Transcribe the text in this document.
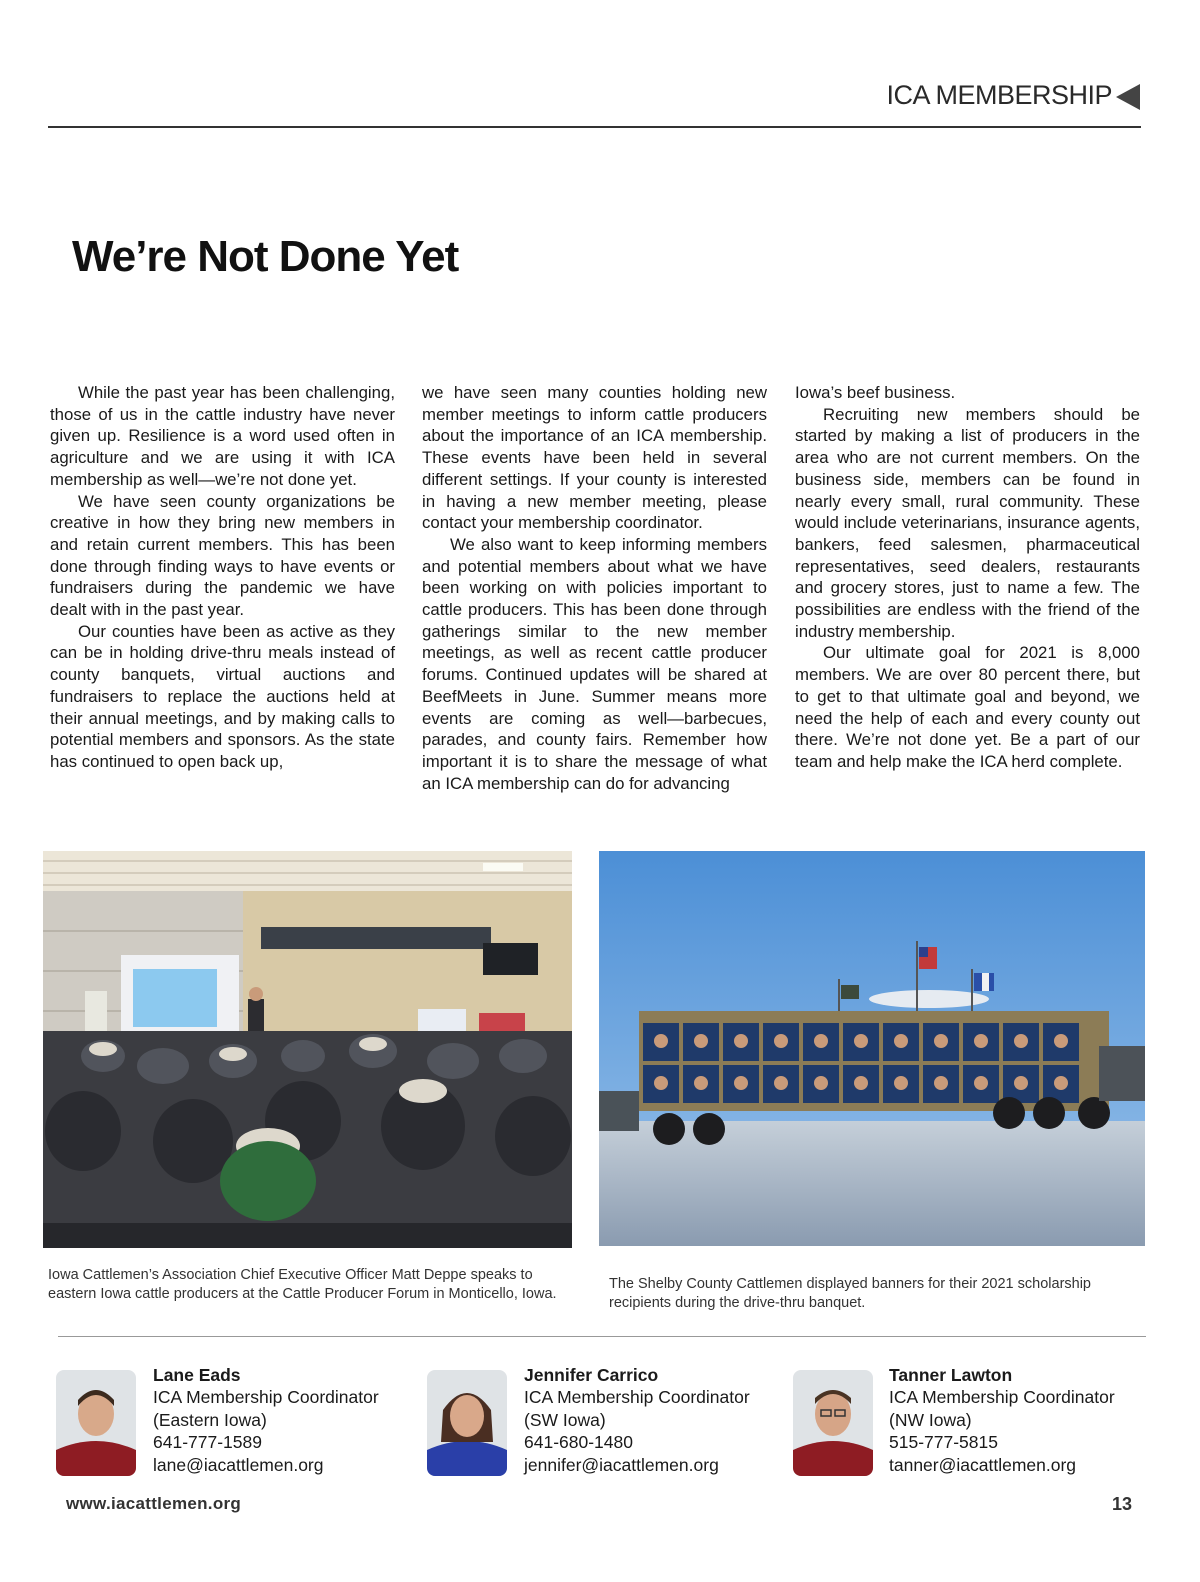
ICA MEMBERSHIP
We’re Not Done Yet

While the past year has been challenging, those of us in the cattle industry have never given up. Resilience is a word used often in agriculture and we are using it with ICA membership as well—we’re not done yet.

We have seen county organizations be creative in how they bring new members in and retain current members. This has been done through finding ways to have events or fundraisers during the pandemic we have dealt with in the past year.

Our counties have been as active as they can be in holding drive-thru meals instead of county banquets, virtual auctions and fundraisers to replace the auctions held at their annual meetings, and by making calls to potential members and sponsors. As the state has continued to open back up,

we have seen many counties holding new member meetings to inform cattle producers about the importance of an ICA membership. These events have been held in several different settings. If your county is interested in having a new member meeting, please contact your membership coordinator.

We also want to keep informing members and potential members about what we have been working on with policies important to cattle producers. This has been done through gatherings similar to the new member meetings, as well as recent cattle producer forums. Continued updates will be shared at BeefMeets in June. Summer means more events are coming as well—barbecues, parades, and county fairs. Remember how important it is to share the message of what an ICA membership can do for advancing

Iowa’s beef business.

Recruiting new members should be started by making a list of producers in the area who are not current members. On the business side, members can be found in nearly every small, rural community. These would include veterinarians, insurance agents, bankers, feed salesmen, pharmaceutical representatives, seed dealers, restaurants and grocery stores, just to name a few. The possibilities are endless with the friend of the industry membership.

Our ultimate goal for 2021 is 8,000 members. We are over 80 percent there, but to get to that ultimate goal and beyond, we need the help of each and every county out there. We’re not done yet. Be a part of our team and help make the ICA herd complete.

Iowa Cattlemen’s Association Chief Executive Officer Matt Deppe speaks to eastern Iowa cattle producers at the Cattle Producer Forum in Monticello, Iowa.
The Shelby County Cattlemen displayed banners for their 2021 scholarship recipients during the drive-thru banquet.
Lane Eads
ICA Membership Coordinator
(Eastern Iowa)
641-777-1589
lane@iacattlemen.org
Jennifer Carrico
ICA Membership Coordinator
(SW Iowa)
641-680-1480
jennifer@iacattlemen.org
Tanner Lawton
ICA Membership Coordinator
(NW Iowa)
515-777-5815
tanner@iacattlemen.org
www.iacattlemen.org	13
